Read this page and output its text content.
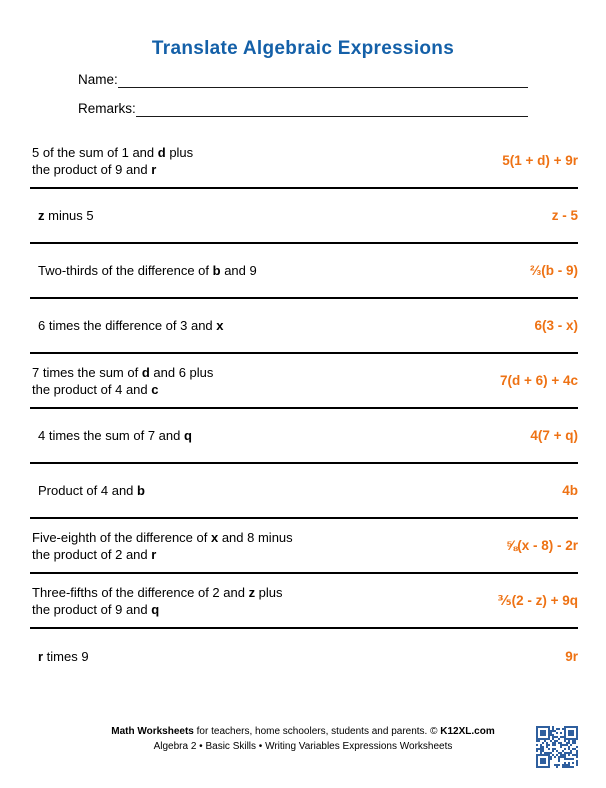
Translate Algebraic Expressions
Name:
Remarks:
5 of the sum of 1 and d plus
the product of 9 and r
5(1 + d) + 9r
z minus 5	z - 5
Two-thirds of the difference of b and 9	⅔(b - 9)
6 times the difference of 3 and x	6(3 - x)
7 times the sum of d and 6 plus
the product of 4 and c
7(d + 6) + 4c
4 times the sum of 7 and q	4(7 + q)
Product of 4 and b	4b
Five-eighth of the difference of x and 8 minus
the product of 2 and r
⅝(x - 8) - 2r
Three-fifths of the difference of 2 and z plus
the product of 9 and q
⅗(2 - z) + 9q
r times 9	9r
Math Worksheets for teachers, home schoolers, students and parents. © K12XL.com
Algebra 2 • Basic Skills • Writing Variables Expressions Worksheets
